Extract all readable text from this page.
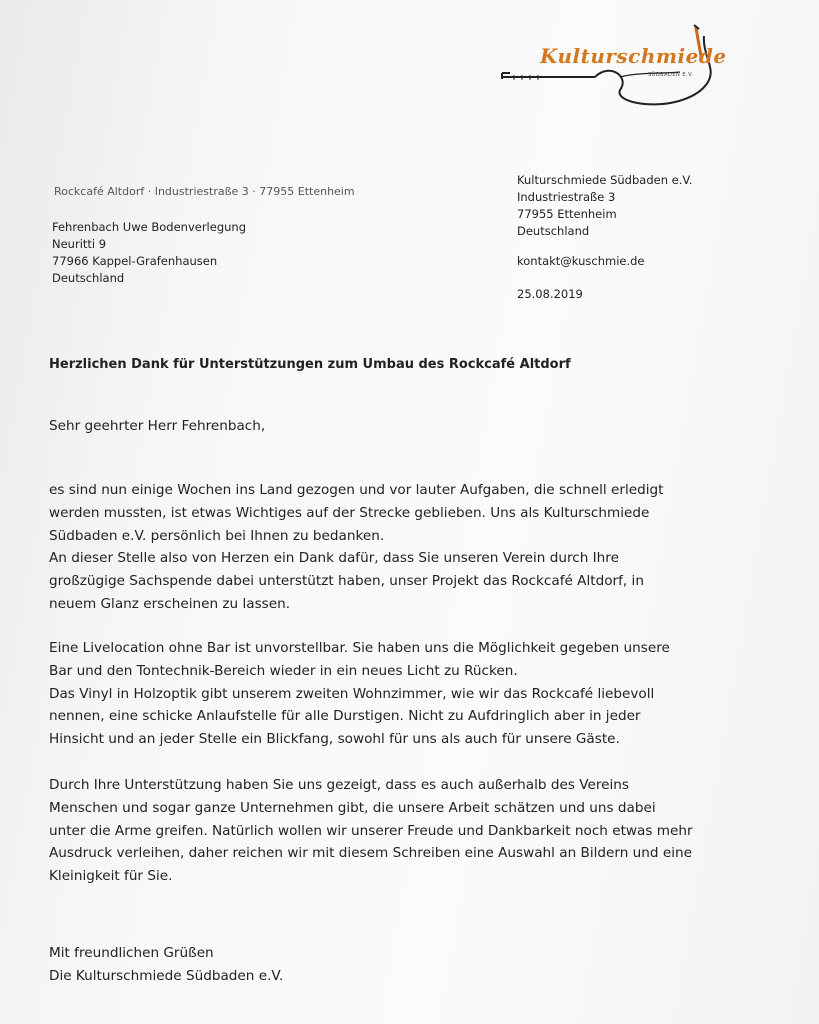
Kulturschmiede
SÜDBADEN E.V.
Rockcafé Altdorf · Industriestraße 3 · 77955 Ettenheim
Fehrenbach Uwe Bodenverlegung
Neuritti 9
77966 Kappel-Grafenhausen
Deutschland
Kulturschmiede Südbaden e.V.
Industriestraße 3
77955 Ettenheim
Deutschland
kontakt@kuschmie.de
25.08.2019
Herzlichen Dank für Unterstützungen zum Umbau des Rockcafé Altdorf
Sehr geehrter Herr Fehrenbach,
es sind nun einige Wochen ins Land gezogen und vor lauter Aufgaben, die schnell erledigt
werden mussten, ist etwas Wichtiges auf der Strecke geblieben. Uns als Kulturschmiede
Südbaden e.V. persönlich bei Ihnen zu bedanken.
An dieser Stelle also von Herzen ein Dank dafür, dass Sie unseren Verein durch Ihre
großzügige Sachspende dabei unterstützt haben, unser Projekt das Rockcafé Altdorf, in
neuem Glanz erscheinen zu lassen.
Eine Livelocation ohne Bar ist unvorstellbar. Sie haben uns die Möglichkeit gegeben unsere
Bar und den Tontechnik-Bereich wieder in ein neues Licht zu Rücken.
Das Vinyl in Holzoptik gibt unserem zweiten Wohnzimmer, wie wir das Rockcafé liebevoll
nennen, eine schicke Anlaufstelle für alle Durstigen. Nicht zu Aufdringlich aber in jeder
Hinsicht und an jeder Stelle ein Blickfang, sowohl für uns als auch für unsere Gäste.
Durch Ihre Unterstützung haben Sie uns gezeigt, dass es auch außerhalb des Vereins
Menschen und sogar ganze Unternehmen gibt, die unsere Arbeit schätzen und uns dabei
unter die Arme greifen. Natürlich wollen wir unserer Freude und Dankbarkeit noch etwas mehr
Ausdruck verleihen, daher reichen wir mit diesem Schreiben eine Auswahl an Bildern und eine
Kleinigkeit für Sie.
Mit freundlichen Grüßen
Die Kulturschmiede Südbaden e.V.
